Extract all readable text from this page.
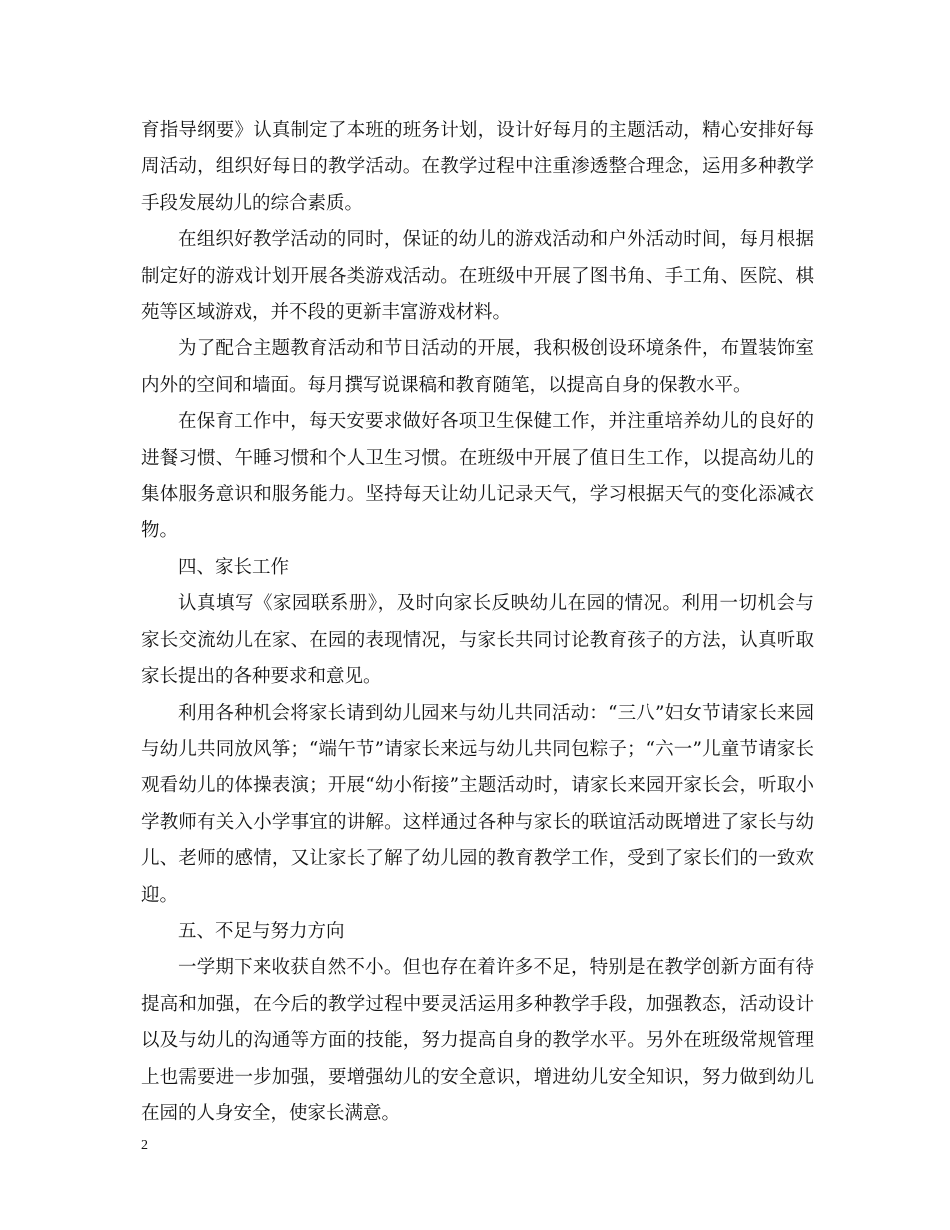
育指导纲要》认真制定了本班的班务计划，设计好每月的主题活动，精心安排好每周活动，组织好每日的教学活动。在教学过程中注重渗透整合理念，运用多种教学手段发展幼儿的综合素质。

在组织好教学活动的同时，保证的幼儿的游戏活动和户外活动时间，每月根据制定好的游戏计划开展各类游戏活动。在班级中开展了图书角、手工角、医院、棋苑等区域游戏，并不段的更新丰富游戏材料。

为了配合主题教育活动和节日活动的开展，我积极创设环境条件，布置装饰室内外的空间和墙面。每月撰写说课稿和教育随笔，以提高自身的保教水平。

在保育工作中，每天安要求做好各项卫生保健工作，并注重培养幼儿的良好的进餐习惯、午睡习惯和个人卫生习惯。在班级中开展了值日生工作，以提高幼儿的集体服务意识和服务能力。坚持每天让幼儿记录天气，学习根据天气的变化添减衣物。

四、家长工作

认真填写《家园联系册》，及时向家长反映幼儿在园的情况。利用一切机会与家长交流幼儿在家、在园的表现情况，与家长共同讨论教育孩子的方法，认真听取家长提出的各种要求和意见。

利用各种机会将家长请到幼儿园来与幼儿共同活动：“三八”妇女节请家长来园与幼儿共同放风筝；“端午节”请家长来远与幼儿共同包粽子；“六一”儿童节请家长观看幼儿的体操表演；开展“幼小衔接”主题活动时，请家长来园开家长会，听取小学教师有关入小学事宜的讲解。这样通过各种与家长的联谊活动既增进了家长与幼儿、老师的感情，又让家长了解了幼儿园的教育教学工作，受到了家长们的一致欢迎。

五、不足与努力方向

一学期下来收获自然不小。但也存在着许多不足，特别是在教学创新方面有待提高和加强，在今后的教学过程中要灵活运用多种教学手段，加强教态，活动设计以及与幼儿的沟通等方面的技能，努力提高自身的教学水平。另外在班级常规管理上也需要进一步加强，要增强幼儿的安全意识，增进幼儿安全知识，努力做到幼儿在园的人身安全，使家长满意。

2
